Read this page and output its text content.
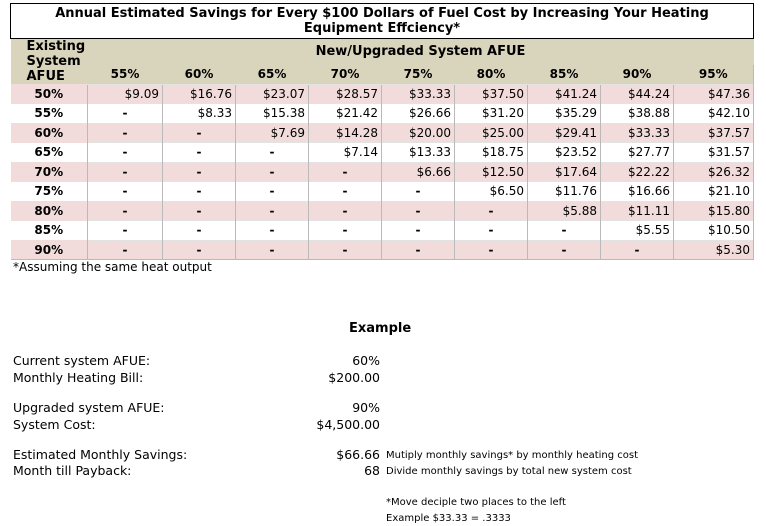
Annual Estimated Savings for Every $100 Dollars of Fuel Cost by Increasing Your Heating Equipment Effciency*									
Existing System AFUE	New/Upgraded System AFUE								
	55%	60%	65%	70%	75%	80%	85%	90%	95%
50%	$9.09	$16.76	$23.07	$28.57	$33.33	$37.50	$41.24	$44.24	$47.36
55%	-	$8.33	$15.38	$21.42	$26.66	$31.20	$35.29	$38.88	$42.10
60%	-	-	$7.69	$14.28	$20.00	$25.00	$29.41	$33.33	$37.57
65%	-	-	-	$7.14	$13.33	$18.75	$23.52	$27.77	$31.57
70%	-	-	-	-	$6.66	$12.50	$17.64	$22.22	$26.32
75%	-	-	-	-	-	$6.50	$11.76	$16.66	$21.10
80%	-	-	-	-	-	-	$5.88	$11.11	$15.80
85%	-	-	-	-	-	-	-	$5.55	$10.50
90%	-	-	-	-	-	-	-	-	$5.30
*Assuming the same heat output
Example
Current system AFUE:	60%
Monthly Heating Bill:	$200.00
Upgraded system AFUE:	90%
System Cost:	$4,500.00
Estimated Monthly Savings:	$66.66 Mutiply monthly savings* by monthly heating cost
Month till Payback:	68 Divide monthly savings by total new system cost
*Move deciple two places to the left
Example $33.33 = .3333
